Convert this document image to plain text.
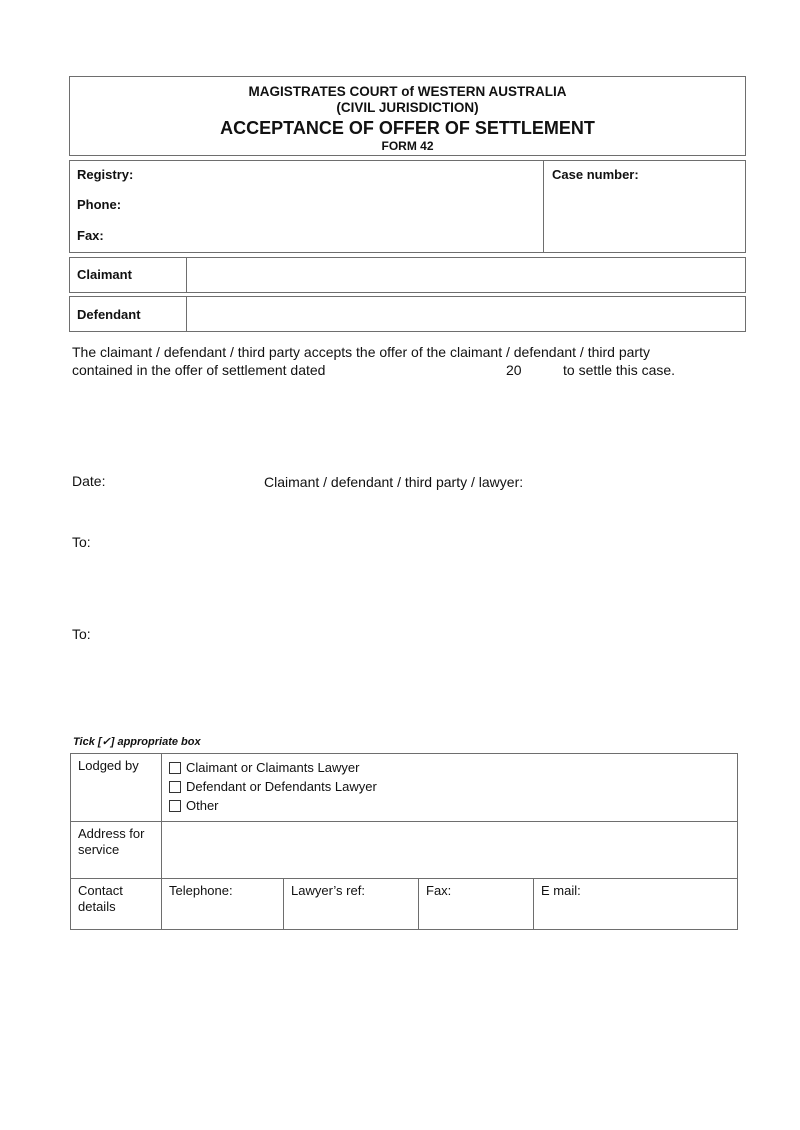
MAGISTRATES COURT of WESTERN AUSTRALIA
(CIVIL JURISDICTION)
ACCEPTANCE OF OFFER OF SETTLEMENT
FORM 42
Registry:
Phone:
Fax:
Case number:
Claimant
Defendant
The claimant / defendant / third party accepts the offer of the claimant / defendant / third party
contained in the offer of settlement dated	20	to settle this case.
Date:	Claimant / defendant / third party / lawyer:
To:
To:
Tick [✓] appropriate box
Lodged by	Claimant or Claimants Lawyer
Defendant or Defendants Lawyer
Other			

Address for service				
Contact details	Telephone:	Lawyer’s ref:	Fax:	E mail:
